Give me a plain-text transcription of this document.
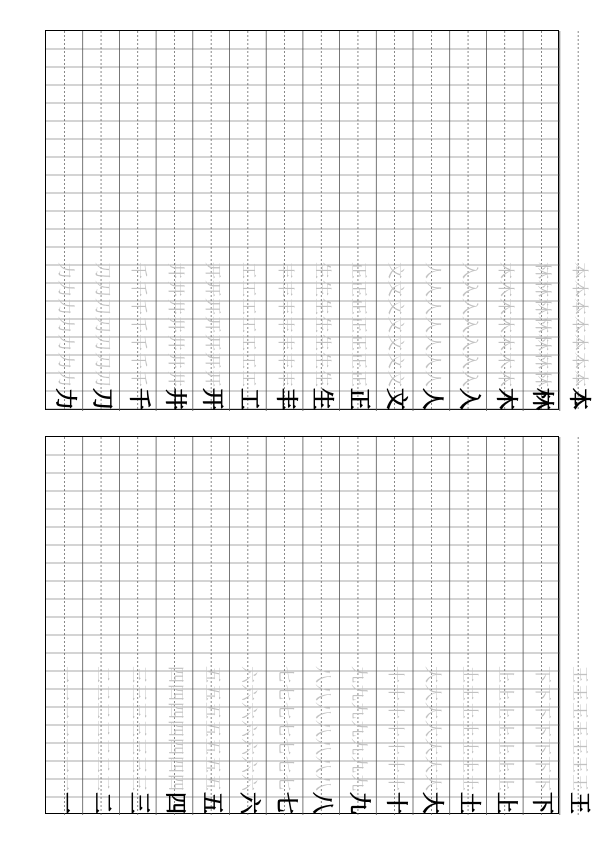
力
力
力
力
力
力
力
力
刀
刀
刀
刀
刀
刀
刀
刀
千
千
千
千
千
千
千
千
井
井
井
井
井
井
井
井
开
开
开
开
开
开
开
开
工
工
工
工
工
工
工
工
丰
丰
丰
丰
丰
丰
丰
丰
生
生
生
生
生
生
生
生
正
正
正
正
正
正
正
正
文
文
文
文
文
文
文
文
人
人
人
人
人
人
人
人
入
入
入
入
入
入
入
入
木
木
木
木
木
木
木
木
林
林
林
林
林
林
林
林
本
本
本
本
本
本
本
本
一
一
一
一
一
一
一
一
二
二
二
二
二
二
二
二
三
三
三
三
三
三
三
三
四
四
四
四
四
四
四
四
五
五
五
五
五
五
五
五
六
六
六
六
六
六
六
六
七
七
七
七
七
七
七
七
八
八
八
八
八
八
八
八
九
九
九
九
九
九
九
九
十
十
十
十
十
十
十
十
大
大
大
大
大
大
大
大
土
土
土
土
土
土
土
土
上
上
上
上
上
上
上
上
下
下
下
下
下
下
下
下
王
王
王
王
王
王
王
王
